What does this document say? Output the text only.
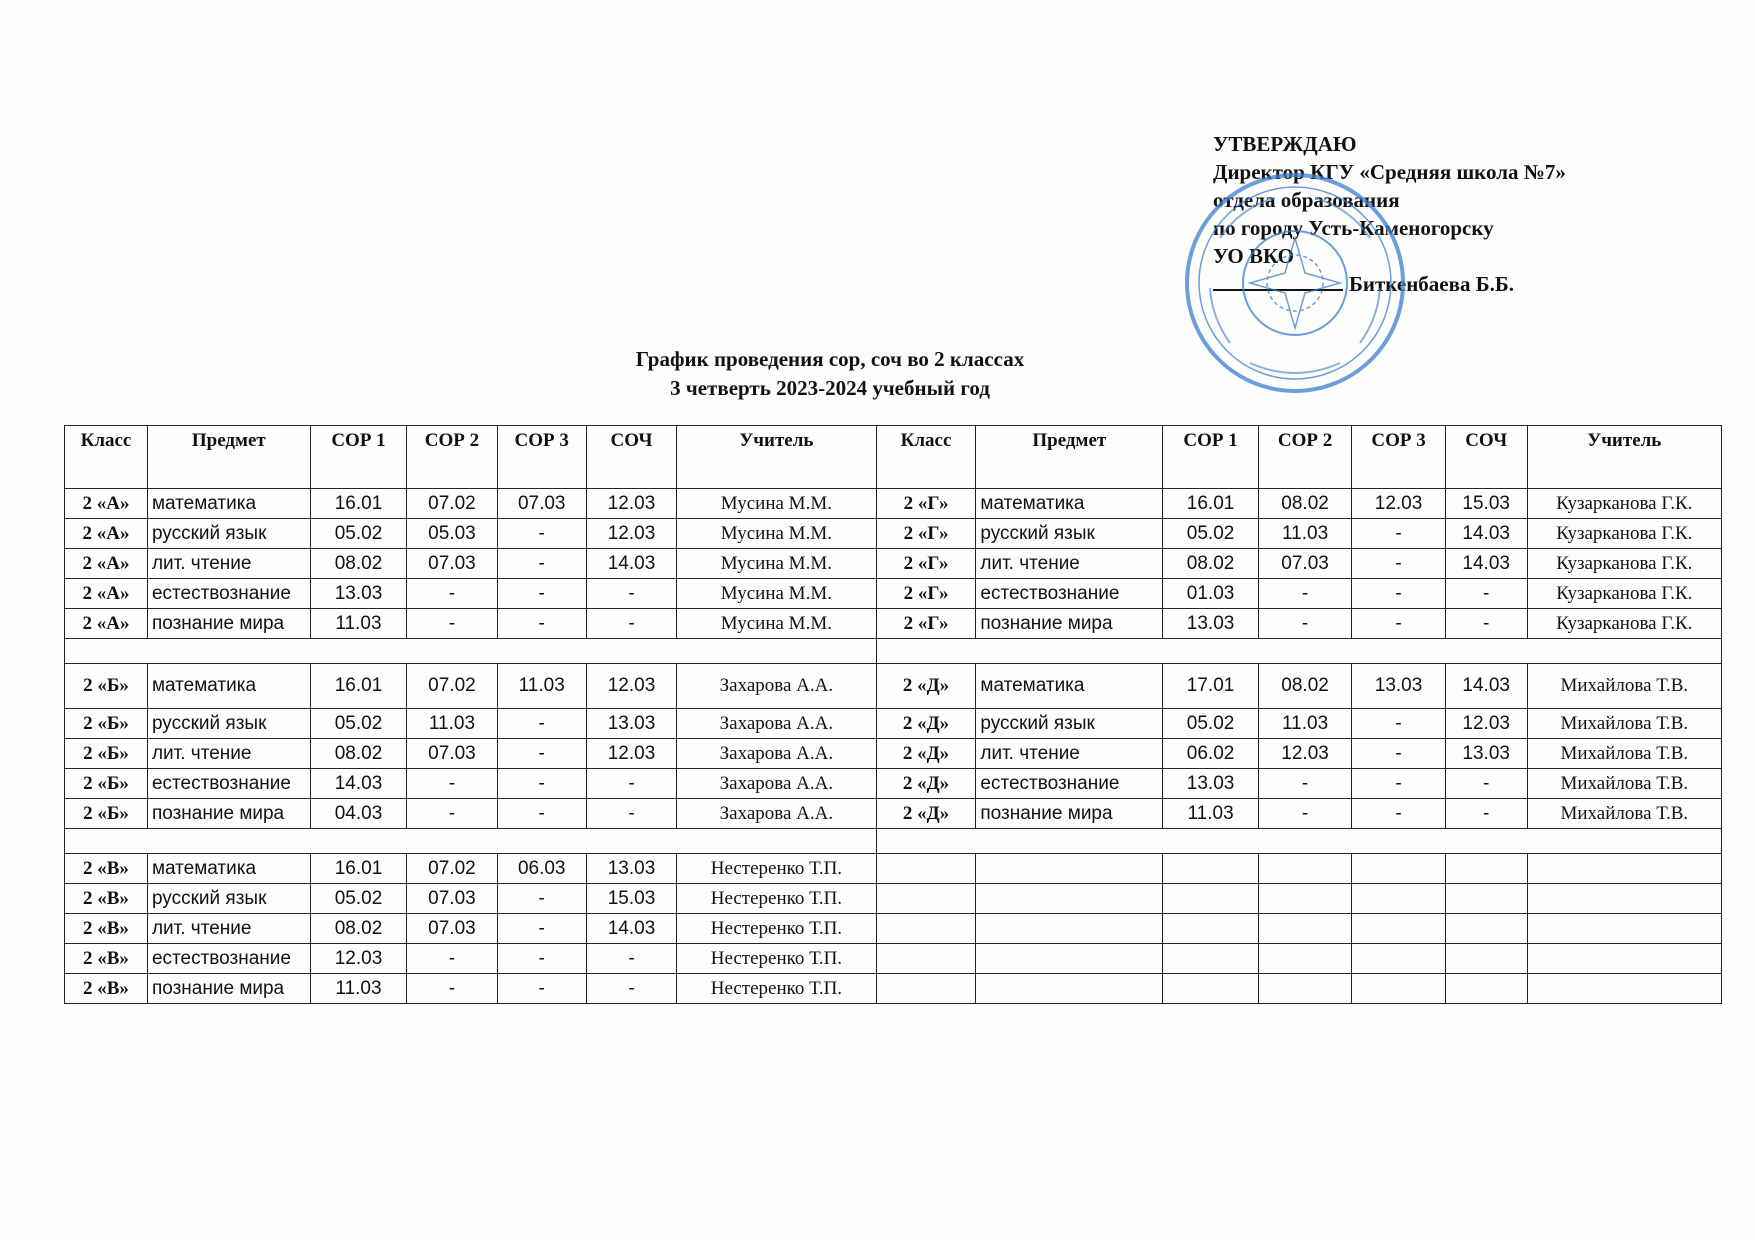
УТВЕРЖДАЮ
Директор КГУ «Средняя школа №7»
отдела образования
по городу Усть-Каменогорску
УО ВКО
Биткенбаева Б.Б.
График проведения сор, соч во 2 классах
3 четверть 2023-2024 учебный год
Класс	Предмет	СОР 1	СОР 2	СОР 3	СОЧ	Учитель	Класс	Предмет	СОР 1	СОР 2	СОР 3	СОЧ	Учитель
2 «А»	математика	16.01	07.02	07.03	12.03	Мусина М.М.	2 «Г»	математика	16.01	08.02	12.03	15.03	Кузарканова Г.К.
2 «А»	русский язык	05.02	05.03	-	12.03	Мусина М.М.	2 «Г»	русский язык	05.02	11.03	-	14.03	Кузарканова Г.К.
2 «А»	лит. чтение	08.02	07.03	-	14.03	Мусина М.М.	2 «Г»	лит. чтение	08.02	07.03	-	14.03	Кузарканова Г.К.
2 «А»	естествознание	13.03	-	-	-	Мусина М.М.	2 «Г»	естествознание	01.03	-	-	-	Кузарканова Г.К.
2 «А»	познание мира	11.03	-	-	-	Мусина М.М.	2 «Г»	познание мира	13.03	-	-	-	Кузарканова Г.К.

2 «Б»	математика	16.01	07.02	11.03	12.03	Захарова А.А.	2 «Д»	математика	17.01	08.02	13.03	14.03	Михайлова Т.В.
2 «Б»	русский язык	05.02	11.03	-	13.03	Захарова А.А.	2 «Д»	русский язык	05.02	11.03	-	12.03	Михайлова Т.В.
2 «Б»	лит. чтение	08.02	07.03	-	12.03	Захарова А.А.	2 «Д»	лит. чтение	06.02	12.03	-	13.03	Михайлова Т.В.
2 «Б»	естествознание	14.03	-	-	-	Захарова А.А.	2 «Д»	естествознание	13.03	-	-	-	Михайлова Т.В.
2 «Б»	познание мира	04.03	-	-	-	Захарова А.А.	2 «Д»	познание мира	11.03	-	-	-	Михайлова Т.В.

2 «В»	математика	16.01	07.02	06.03	13.03	Нестеренко Т.П.							
2 «В»	русский язык	05.02	07.03	-	15.03	Нестеренко Т.П.							
2 «В»	лит. чтение	08.02	07.03	-	14.03	Нестеренко Т.П.							
2 «В»	естествознание	12.03	-	-	-	Нестеренко Т.П.							
2 «В»	познание мира	11.03	-	-	-	Нестеренко Т.П.							
